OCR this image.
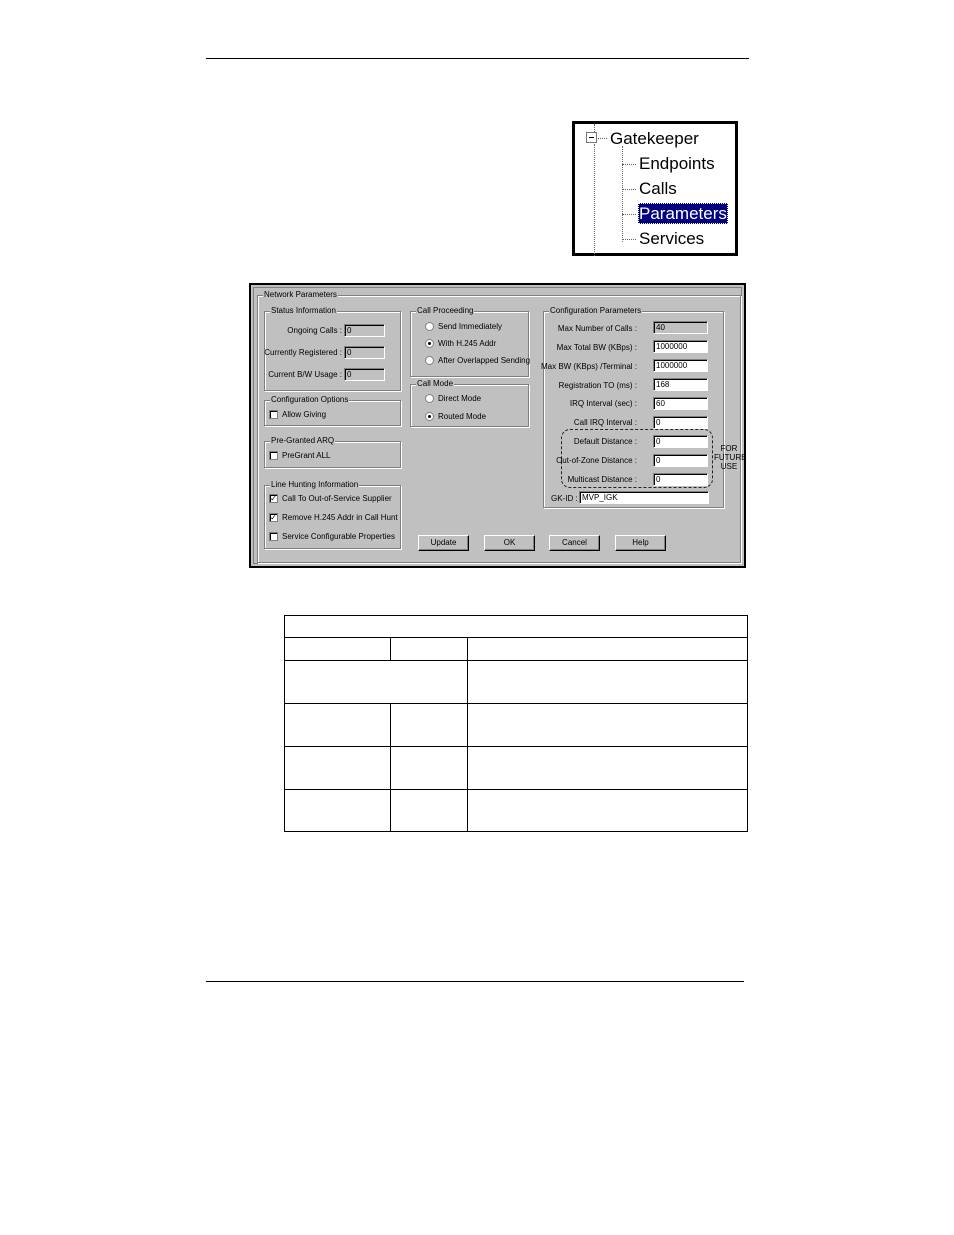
Gatekeeper
Endpoints
Calls
Parameters
Services
Network Parameters
Status Information
Ongoing Calls : 0
Currently Registered : 0
Current B/W Usage : 0
Configuration Options
Allow Giving
Pre-Granted ARQ
PreGrant ALL
Line Hunting Information
✓ Call To Out-of-Service Supplier
✓ Remove H.245 Addr in Call Hunt
Service Configurable Properties
Call Proceeding
Send Immediately
With H.245 Addr
After Overlapped Sending
Call Mode
Direct Mode
Routed Mode
Configuration Parameters
Max Number of Calls :	40
Max Total BW (KBps) :	1000000
Max BW (KBps) /Terminal :	1000000
Registration TO (ms) :	168
IRQ Interval (sec) :	60
Call IRQ Interval :	0
Default Distance :	0
Out-of-Zone Distance :	0
Multicast Distance :	0
FOR
FUTURE
USE
GK-ID : MVP_IGK
Update	OK	Cancel	Help
